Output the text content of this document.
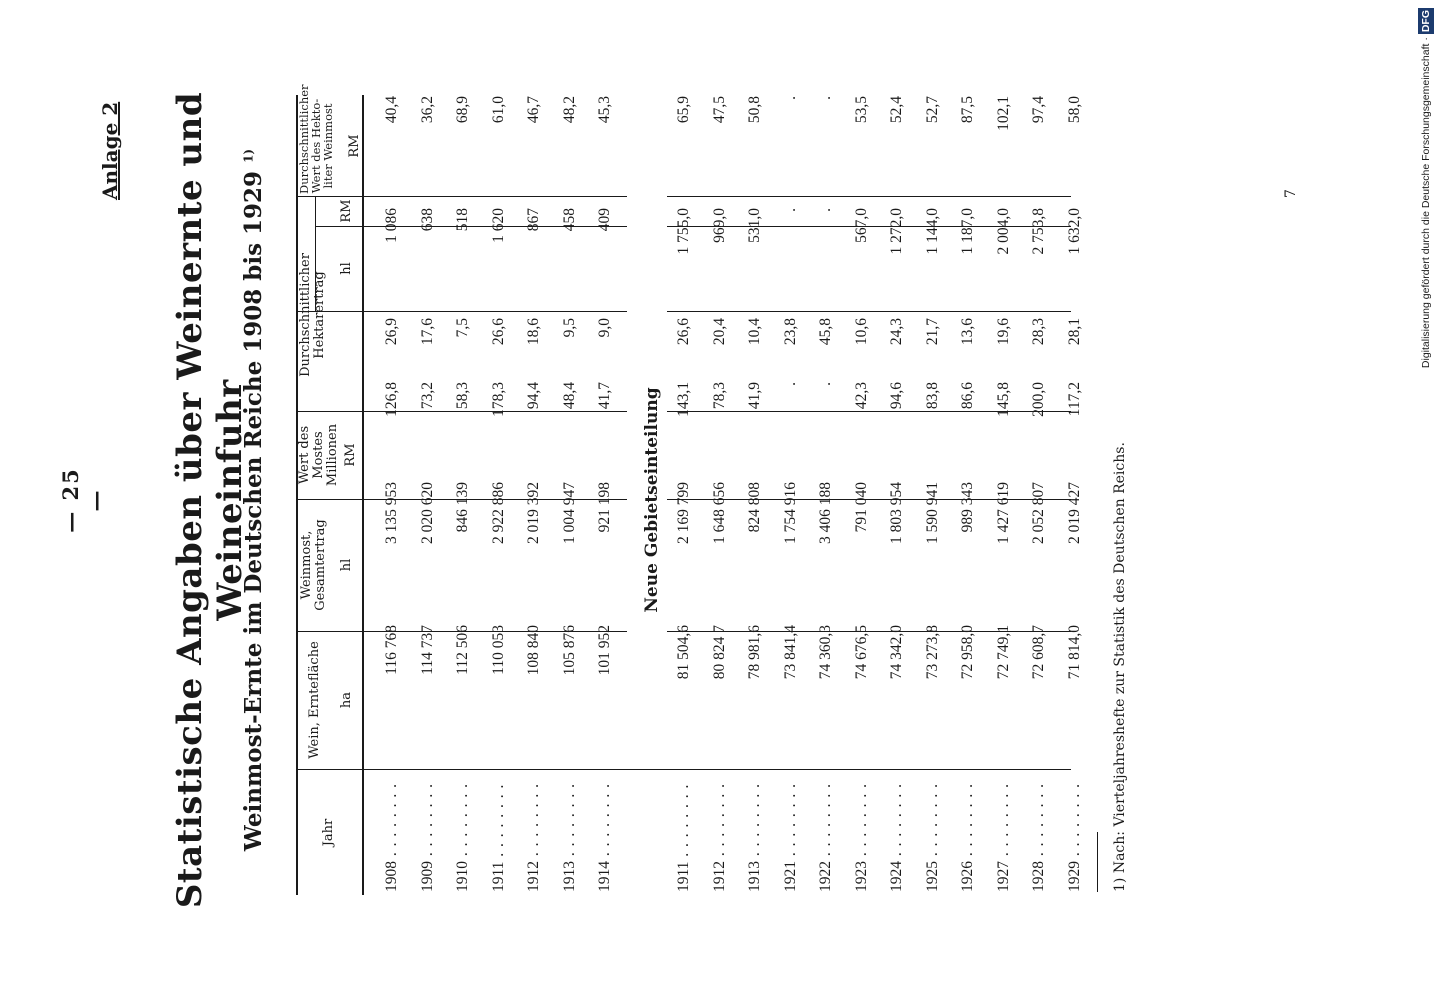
— 25 —
Anlage 2 Statistische Angaben über Weinernte und Weineinfuhr
Weinmost-Ernte im Deutschen Reiche 1908 bis 1929 $^{1)}$
Jahr
Wein, Erntefläche ha
Weinmost, Gesamtertrag hl
Wert des Mostes Millionen RM
Durchschnittlicher Hektarertrag
hl
RM
Durchschnittlicher Wert des Hekto- liter Weinmost RM
1908 . . . . . . . .
116 768
3 135 953
126,8
26,9
1 086
40,4
1909 . . . . . . . .
114 737
2 020 620
73,2
17,6
638
36,2
1910 . . . . . . . .
112 506
846 139
58,3
7,5
518
68,9
1911 . . . . . . . .
110 053
2 922 886
178,3
26,6
1 620
61,0
1912 . . . . . . . .
108 840
2 019 392
94,4
18,6
867
46,7
1913 . . . . . . . .
105 876
1 004 947
48,4
9,5
458
48,2
1914 . . . . . . . .
101 952
921 198
41,7
9,0
409
45,3
Neue Gebietseinteilung
1911 . . . . . . . .
81 504,6
2 169 799
143,1
26,6
1 755,0
65,9
1912 . . . . . . . .
80 824 7
1 648 656
78,3
20,4
969,0
47,5
1913 . . . . . . . .
78 981,6
824 808
41,9
10,4
531,0
50,8
1921 . . . . . . . .
73 841,4
1 754 916
.
23,8
.
.
1922 . . . . . . . .
74 360,3
3 406 188
.
45,8
.
.
1923 . . . . . . . .
74 676,5
791 040
42,3
10,6
567,0
53,5
1924 . . . . . . . .
74 342,0
1 803 954
94,6
24,3
1 272,0
52,4
1925 . . . . . . . .
73 273,8
1 590 941
83,8
21,7
1 144,0
52,7
1926 . . . . . . . .
72 958,0
989 343
86,6
13,6
1 187,0
87,5
1927 . . . . . . . .
72 749,1
1 427 619
145,8
19,6
2 004,0
102,1
1928 . . . . . . . .
72 608,7
2 052 807
200,0
28,3
2 753,8
97,4
1929 . . . . . . . .
71 814,0
2 019 427
117,2
28,1
1 632,0
58,0
1) Nach: Vierteljahreshefte zur Statistik des Deutschen Reichs.
7	Digitalisierung gefördert durch die Deutsche Forschungsgemeinschaft ·DFG
